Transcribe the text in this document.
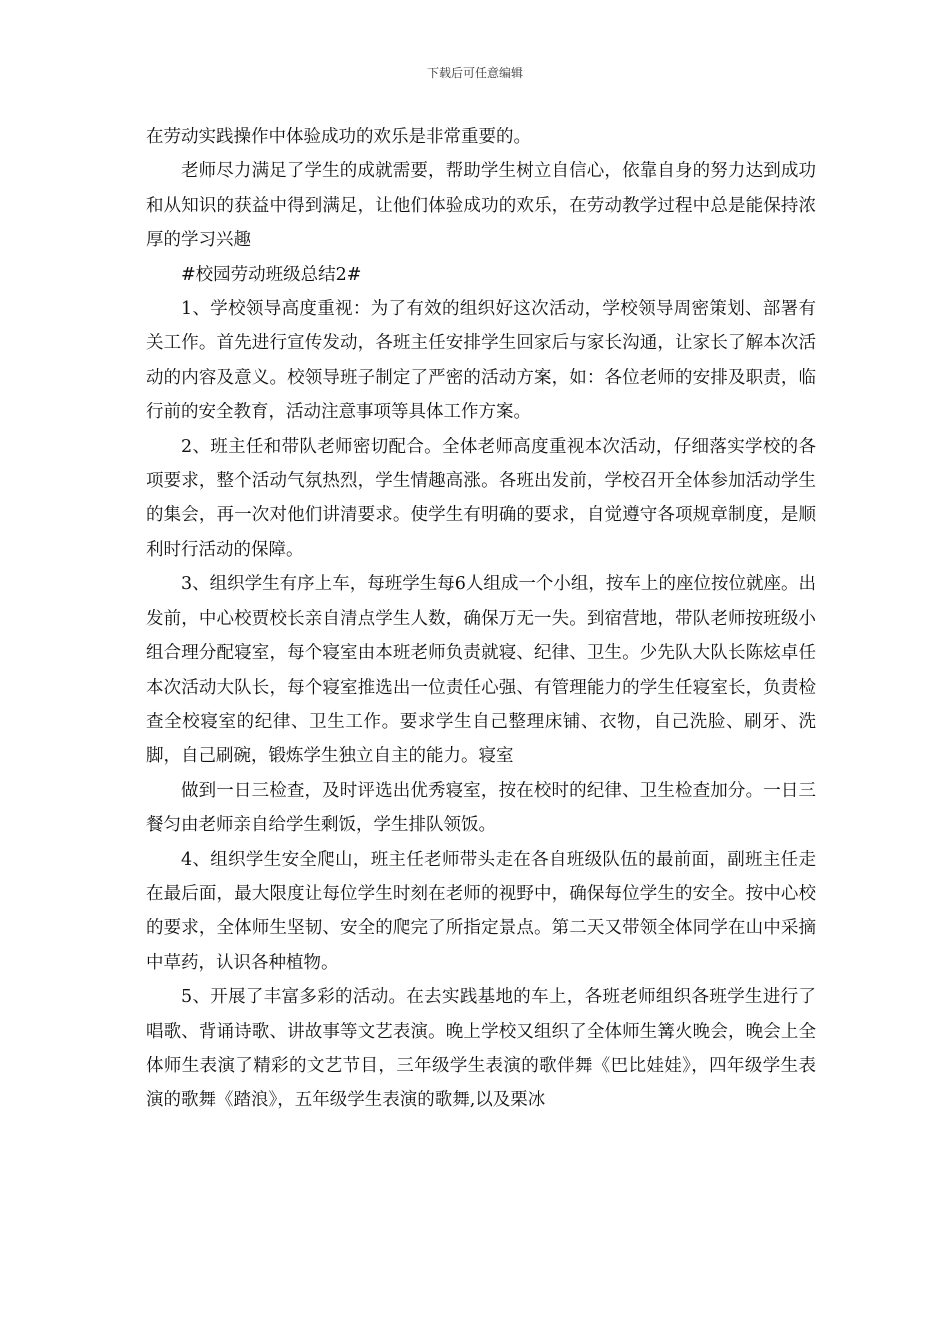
下载后可任意编辑

在劳动实践操作中体验成功的欢乐是非常重要的。

老师尽力满足了学生的成就需要，帮助学生树立自信心，依靠自身的努力达到成功和从知识的获益中得到满足，让他们体验成功的欢乐，在劳动教学过程中总是能保持浓厚的学习兴趣

#校园劳动班级总结2#

1、学校领导高度重视：为了有效的组织好这次活动，学校领导周密策划、部署有关工作。首先进行宣传发动，各班主任安排学生回家后与家长沟通，让家长了解本次活动的内容及意义。校领导班子制定了严密的活动方案，如：各位老师的安排及职责，临行前的安全教育，活动注意事项等具体工作方案。

2、班主任和带队老师密切配合。全体老师高度重视本次活动，仔细落实学校的各项要求，整个活动气氛热烈，学生情趣高涨。各班出发前，学校召开全体参加活动学生的集会，再一次对他们讲清要求。使学生有明确的要求，自觉遵守各项规章制度，是顺利时行活动的保障。

3、组织学生有序上车，每班学生每6人组成一个小组，按车上的座位按位就座。出发前，中心校贾校长亲自清点学生人数，确保万无一失。到宿营地，带队老师按班级小组合理分配寝室，每个寝室由本班老师负责就寝、纪律、卫生。少先队大队长陈炫卓任本次活动大队长，每个寝室推选出一位责任心强、有管理能力的学生任寝室长，负责检查全校寝室的纪律、卫生工作。要求学生自己整理床铺、衣物，自己洗脸、刷牙、洗脚，自己刷碗，锻炼学生独立自主的能力。寝室

做到一日三检查，及时评选出优秀寝室，按在校时的纪律、卫生检查加分。一日三餐匀由老师亲自给学生剩饭，学生排队领饭。

4、组织学生安全爬山，班主任老师带头走在各自班级队伍的最前面，副班主任走在最后面，最大限度让每位学生时刻在老师的视野中，确保每位学生的安全。按中心校的要求，全体师生坚韧、安全的爬完了所指定景点。第二天又带领全体同学在山中采摘中草药，认识各种植物。

5、开展了丰富多彩的活动。在去实践基地的车上，各班老师组织各班学生进行了唱歌、背诵诗歌、讲故事等文艺表演。晚上学校又组织了全体师生篝火晚会，晚会上全体师生表演了精彩的文艺节目，三年级学生表演的歌伴舞《巴比娃娃》，四年级学生表演的歌舞《踏浪》，五年级学生表演的歌舞,以及栗冰
